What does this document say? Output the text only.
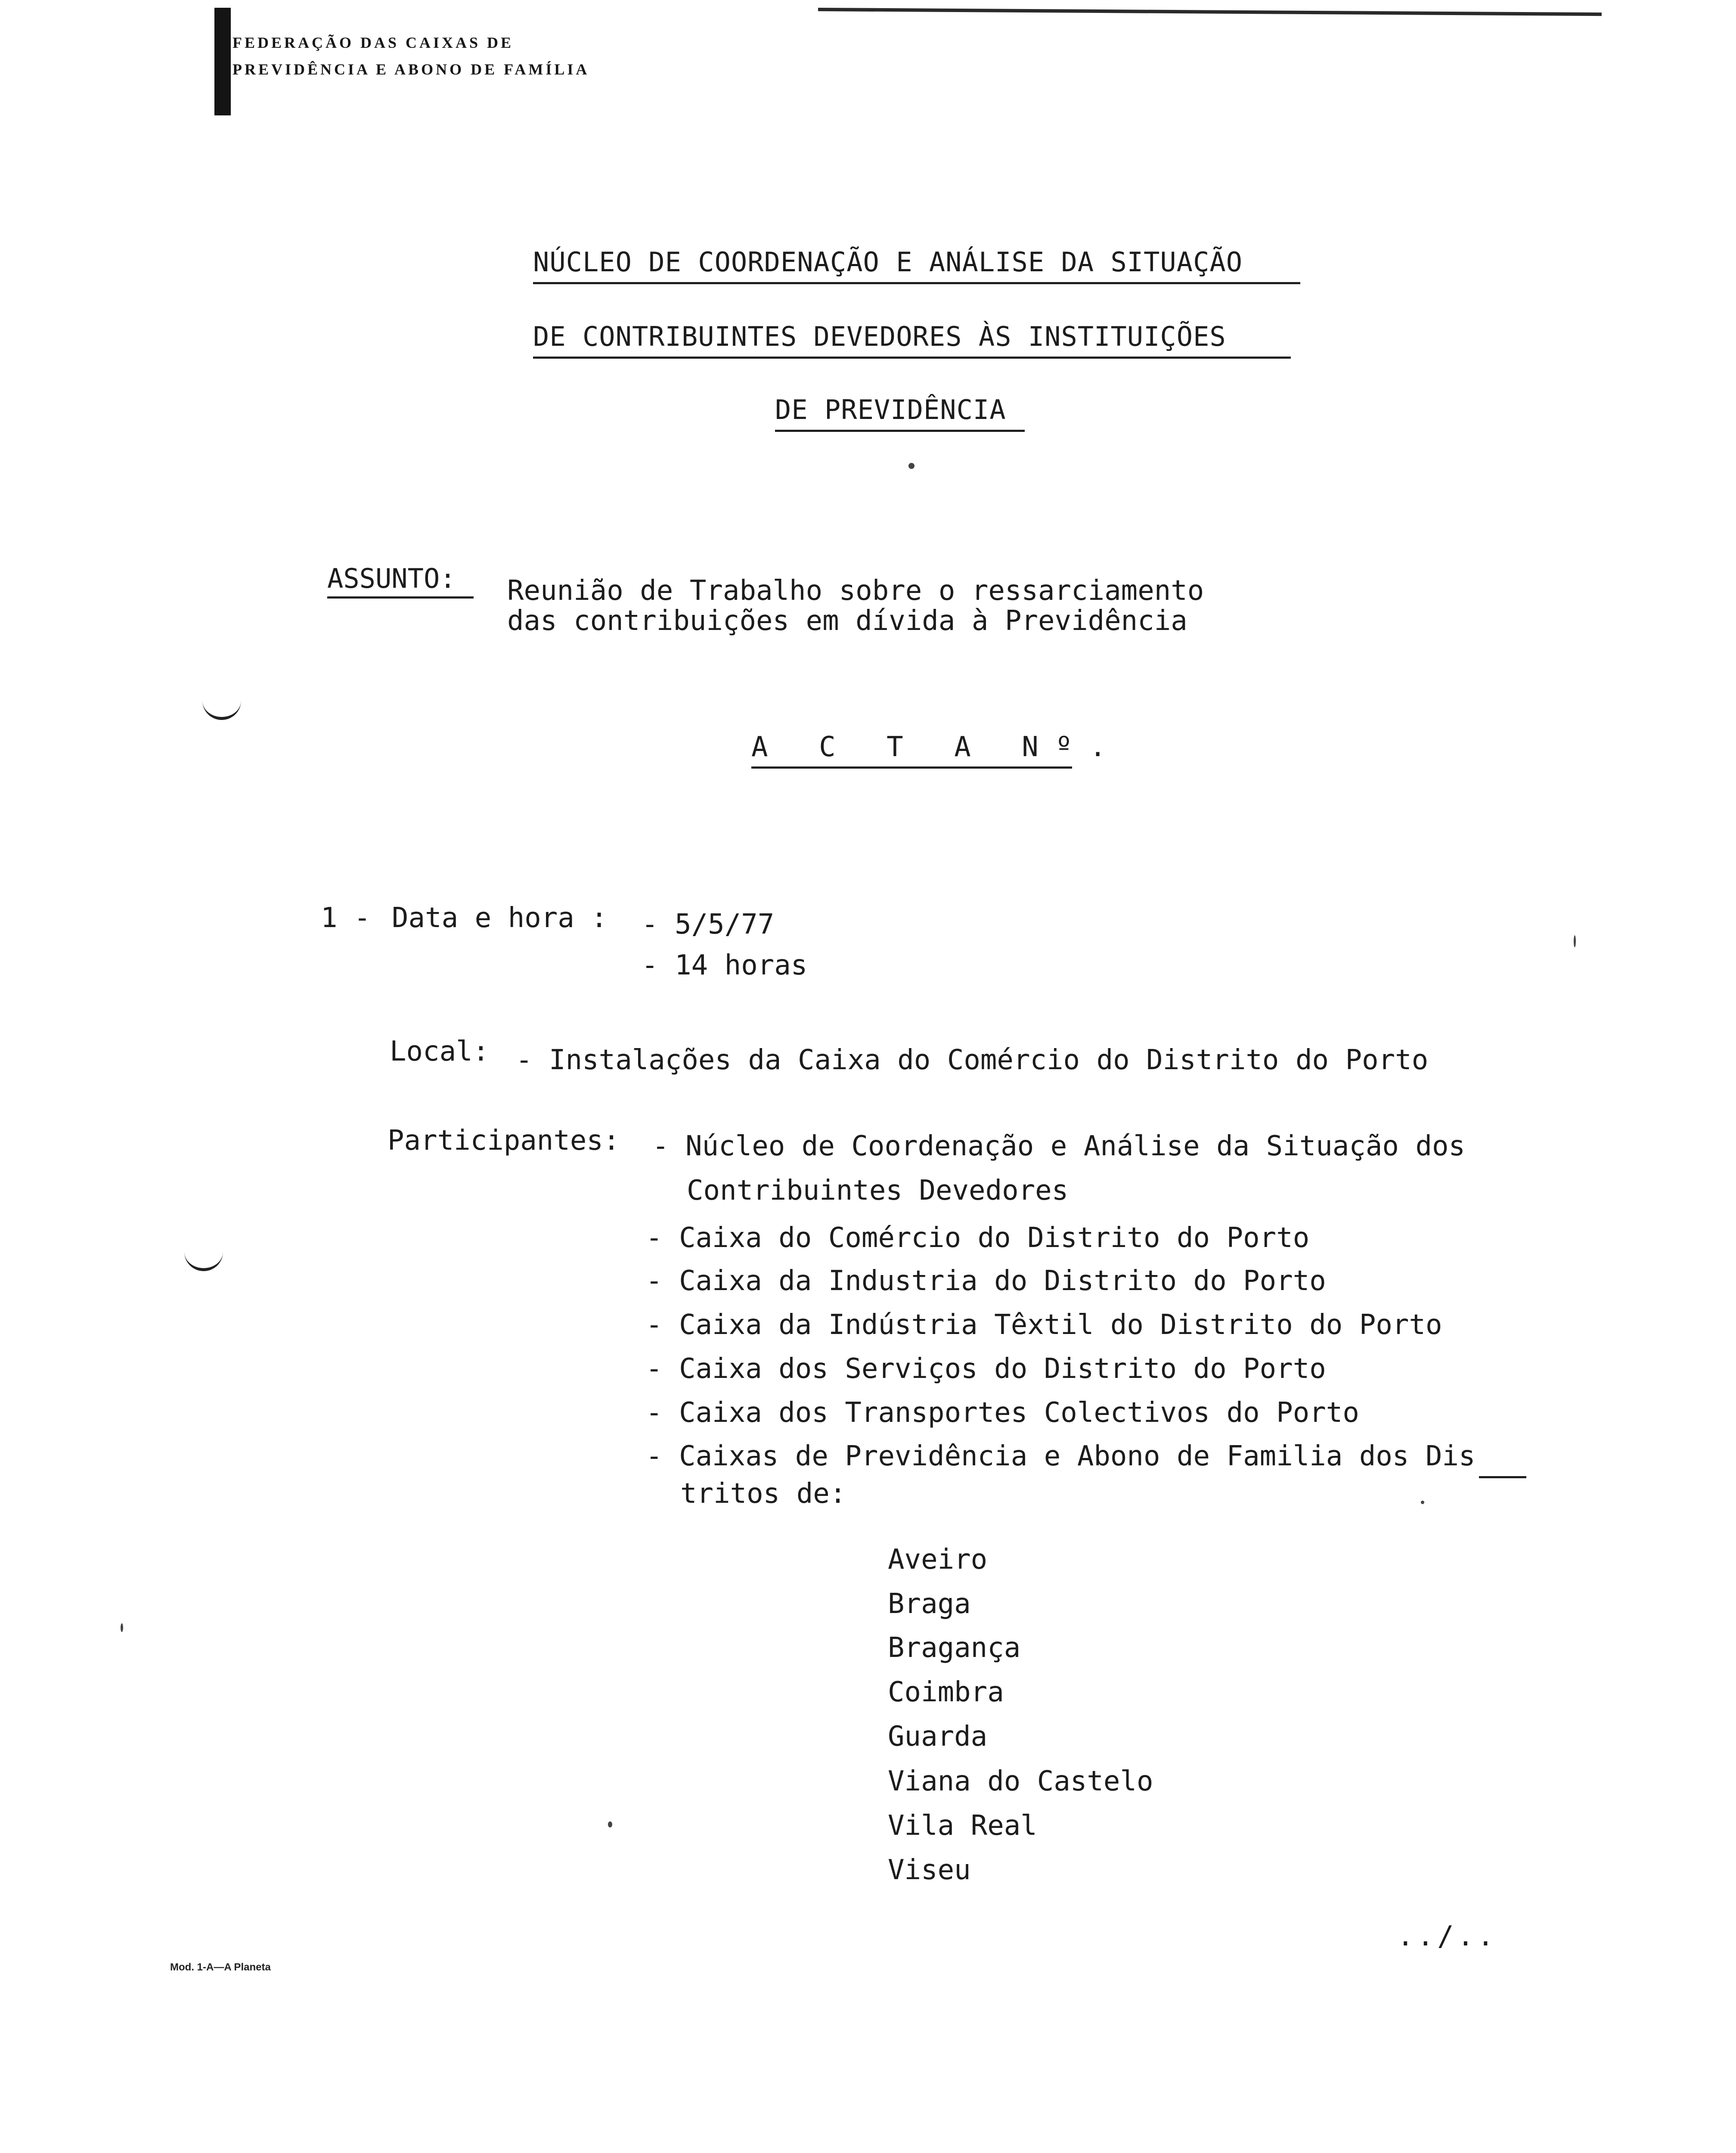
FEDERAÇÃO DAS CAIXAS DE
PREVIDÊNCIA E ABONO DE FAMÍLIA
NÚCLEO DE COORDENAÇÃO E ANÁLISE DA SITUAÇÃO
DE CONTRIBUINTES DEVEDORES ÀS INSTITUIÇÕES
DE PREVIDÊNCIA
ASSUNTO: Reunião de Trabalho sobre o ressarciamento
das contribuições em dívida à Previdência
A C T A Nº.
1 - Data e hora : - 5/5/77
- 14 horas
Local: - Instalações da Caixa do Comércio do Distrito do Porto
Participantes: - Núcleo de Coordenação e Análise da Situação dos
Contribuintes Devedores
- Caixa do Comércio do Distrito do Porto
- Caixa da Industria do Distrito do Porto
- Caixa da Indústria Têxtil do Distrito do Porto
- Caixa dos Serviços do Distrito do Porto
- Caixa dos Transportes Colectivos do Porto
- Caixas de Previdência e Abono de Familia dos Dis
tritos de:
Aveiro
Braga
Bragança
Coimbra
Guarda
Viana do Castelo
Vila Real
Viseu
../..
Mod. 1-A—A Planeta
